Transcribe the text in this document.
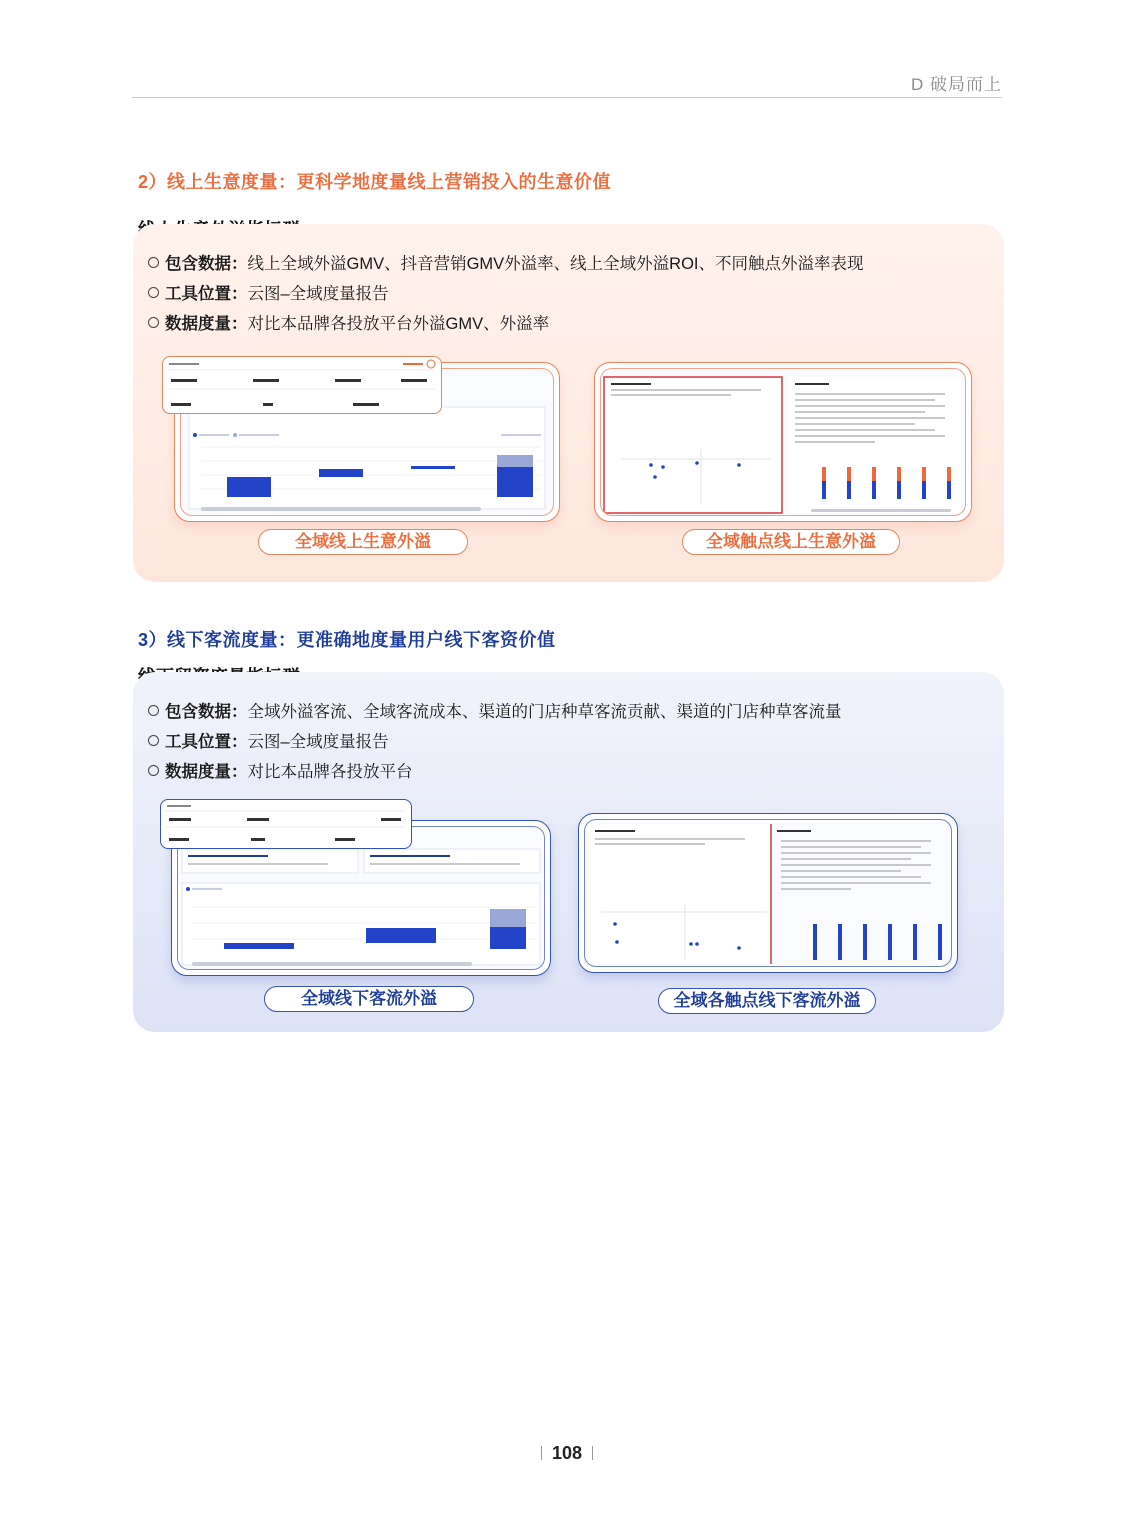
D 破局而上
2）线上生意度量：更科学地度量线上营销投入的生意价值
包含数据：线上全域外溢GMV、抖音营销GMV外溢率、线上全域外溢ROI、不同触点外溢率表现
工具位置：云图–全域度量报告
数据度量：对比本品牌各投放平台外溢GMV、外溢率
全域线上生意外溢	全域触点线上生意外溢
3）线下客流度量：更准确地度量用户线下客资价值
包含数据：全域外溢客流、全域客流成本、渠道的门店种草客流贡献、渠道的门店种草客流量
工具位置：云图–全域度量报告
数据度量：对比本品牌各投放平台
全域线下客流外溢	全域各触点线下客流外溢
108
